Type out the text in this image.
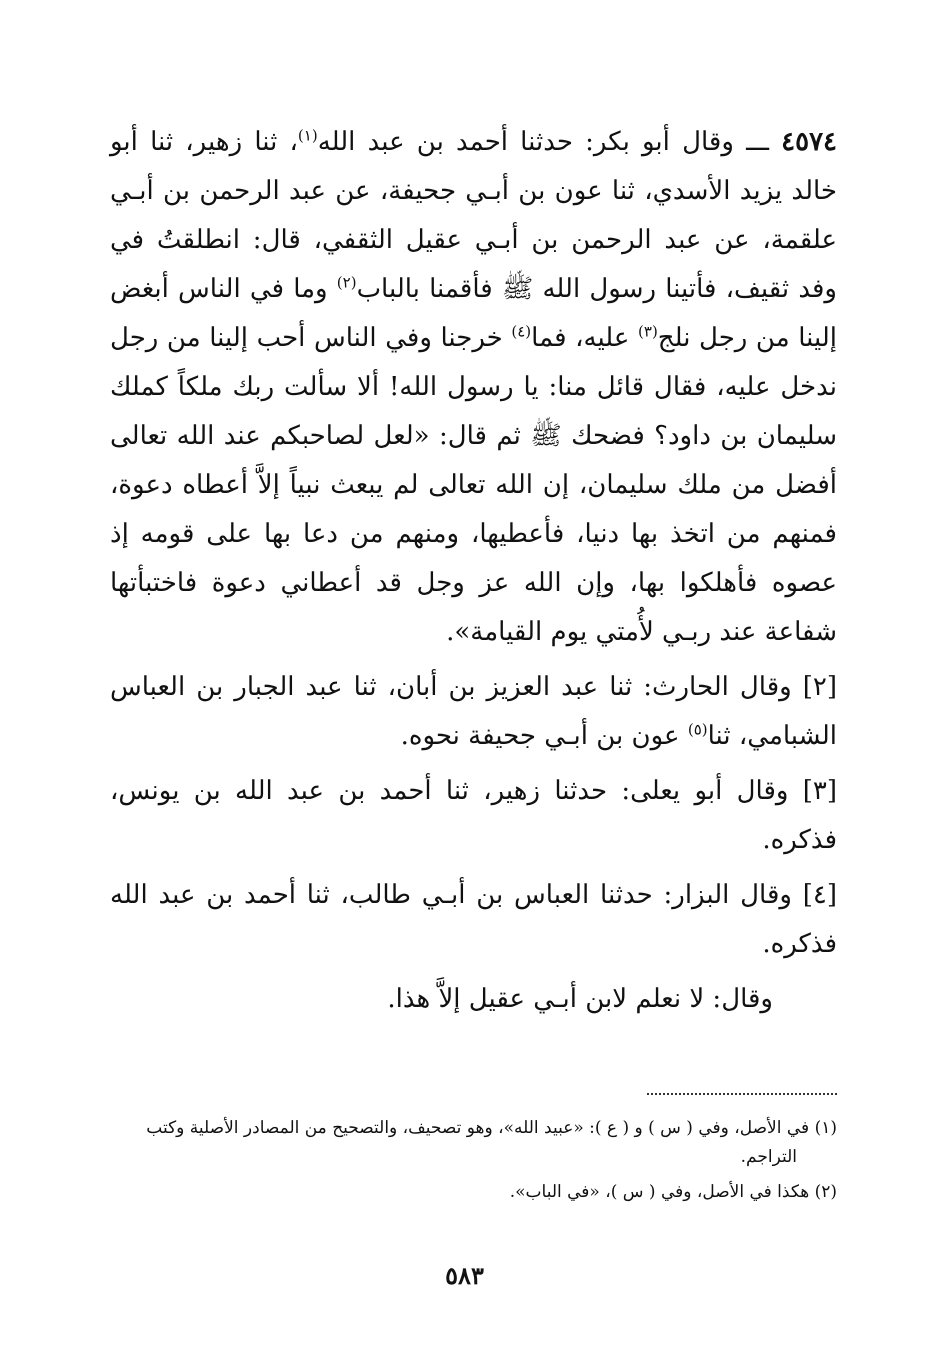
٤٥٧٤ ـــ وقال أبو بكر: حدثنا أحمد بن عبد الله$^{(١)}$، ثنا زهير، ثنا أبو خالد يزيد الأسدي، ثنا عون بن أبـي جحيفة، عن عبد الرحمن بن أبـي علقمة، عن عبد الرحمن بن أبـي عقيل الثقفي، قال: انطلقتُ في وفد ثقيف، فأتينا رسول الله ﷺ فأقمنا بالباب$^{(٢)}$ وما في الناس أبغض إلينا من رجل نلج$^{(٣)}$ عليه، فما$^{(٤)}$ خرجنا وفي الناس أحب إلينا من رجل ندخل عليه، فقال قائل منا: يا رسول الله! ألا سألت ربك ملكاً كملك سليمان بن داود؟ فضحك ﷺ ثم قال: «لعل لصاحبكم عند الله تعالى أفضل من ملك سليمان، إن الله تعالى لم يبعث نبياً إلاَّ أعطاه دعوة، فمنهم من اتخذ بها دنيا، فأعطيها، ومنهم من دعا بها على قومه إذ عصوه فأهلكوا بها، وإن الله عز وجل قد أعطاني دعوة فاختبأتها شفاعة عند ربـي لأُمتي يوم القيامة».

[٢] وقال الحارث: ثنا عبد العزيز بن أبان، ثنا عبد الجبار بن العباس الشبامي، ثنا$^{(٥)}$ عون بن أبـي جحيفة نحوه.

[٣] وقال أبو يعلى: حدثنا زهير، ثنا أحمد بن عبد الله بن يونس، فذكره.

[٤] وقال البزار: حدثنا العباس بن أبـي طالب، ثنا أحمد بن عبد الله فذكره.

وقال: لا نعلم لابن أبـي عقيل إلاَّ هذا.

(١) في الأصل، وفي ( س ) و ( ع ): «عبيد الله»، وهو تصحيف، والتصحيح من المصادر الأصلية وكتب التراجم.

(٢) هكذا في الأصل، وفي ( س )، «في الباب».

٥٨٣
